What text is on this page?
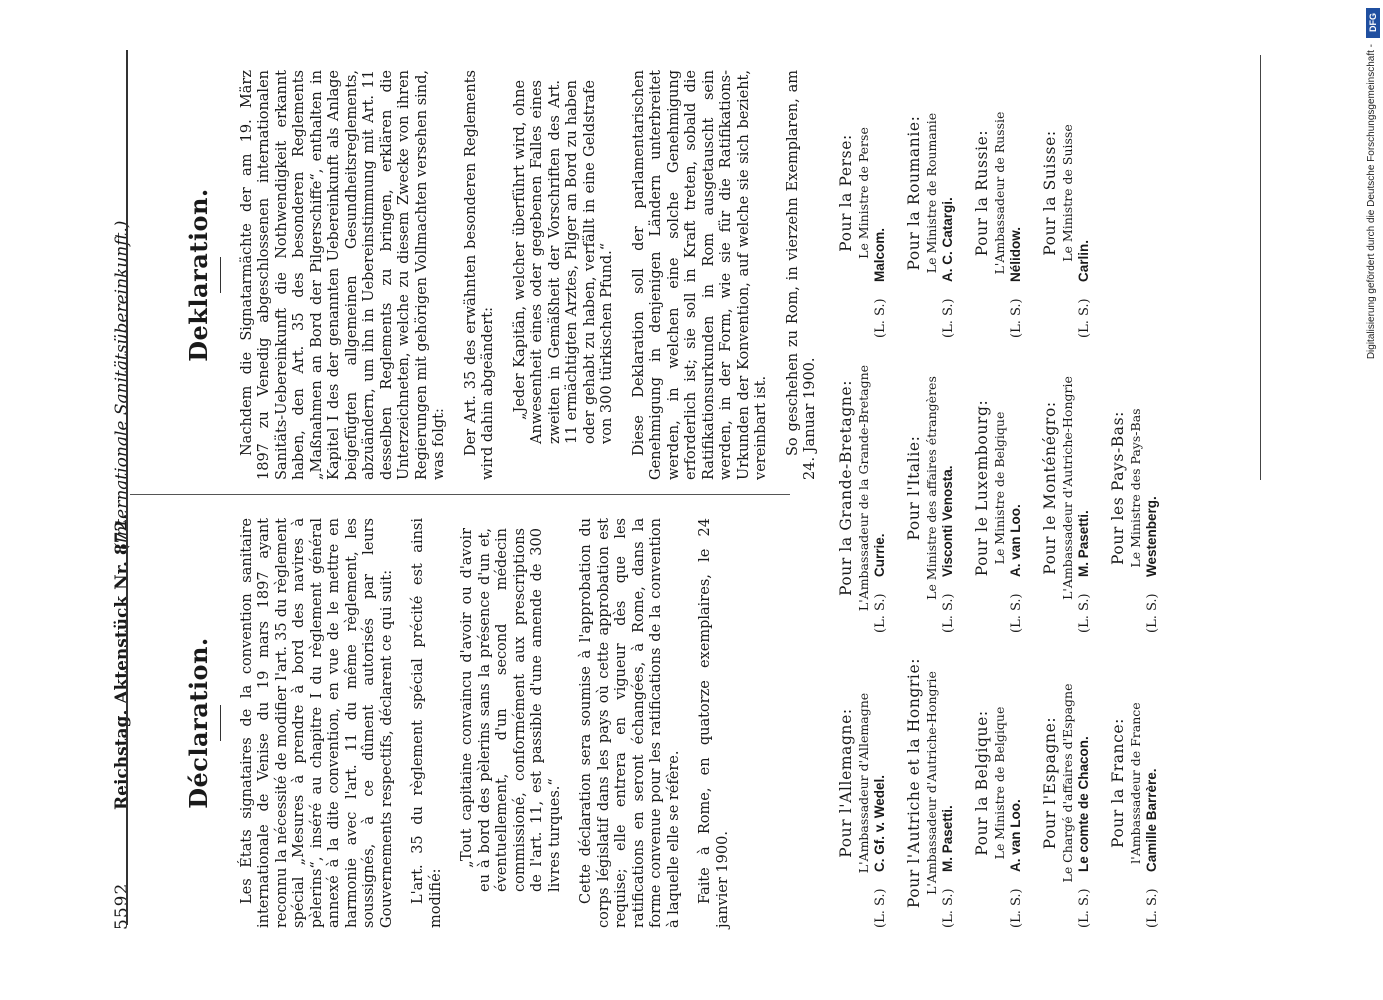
5592
Reichstag. Aktenstück Nr. 872.
(Internationale Sanitätsübereinkunft.)
Déclaration. Les États signataires de la convention sanitaire internationale de Venise du 19 mars 1897 ayant reconnu la nécessité de modifier l'art. 35 du règlement spécial „Mesures à prendre à bord des navires à pèlerins“, inséré au chapitre I du règlement général annexé à la dite convention, en vue de le mettre en harmonie avec l'art. 11 du même règlement, les soussignés, à ce dûment autorisés par leurs Gouvernements respectifs, déclarent ce qui suit: L'art. 35 du règlement spécial précité est ainsi modifié:

„Tout capitaine convaincu d'avoir ou d'avoir eu à bord des pèlerins sans la présence d'un et, éventuellement, d'un second médecin commissioné, conformément aux prescriptions de l'art. 11, est passible d'une amende de 300 livres turques.“ Cette déclaration sera soumise à l'approbation du corps législatif dans les pays où cette approbation est requise; elle entrera en vigueur dès que les ratifications en seront échangées, à Rome, dans la forme convenue pour les ratifications de la convention à laquelle elle se réfère. Faite à Rome, en quatorze exemplaires, le 24 janvier 1900.

Deklaration. Nachdem die Signatarmächte der am 19. März 1897 zu Venedig abgeschlossenen internationalen Sanitäts-Uebereinkunft die Nothwendigkeit erkannt haben, den Art. 35 des besonderen Reglements „Maßnahmen an Bord der Pilgerschiffe“, enthalten in Kapitel I des der genannten Uebereinkunft als Anlage beigefügten allgemeinen Gesundheitsreglements, abzuändern, um ihn in Uebereinstimmung mit Art. 11 desselben Reglements zu bringen, erklären die Unterzeichneten, welche zu diesem Zwecke von ihren Regierungen mit gehörigen Vollmachten versehen sind, was folgt: Der Art. 35 des erwähnten besonderen Reglements wird dahin abgeändert: „Jeder Kapitän, welcher überführt wird, ohne Anwesenheit eines oder gegebenen Falles eines zweiten in Gemäßheit der Vorschriften des Art. 11 ermächtigten Arztes, Pilger an Bord zu haben oder gehabt zu haben, verfällt in eine Geldstrafe von 300 türkischen Pfund.“ Diese Deklaration soll der parlamentarischen Genehmigung in denjenigen Ländern unterbreitet werden, in welchen eine solche Genehmigung erforderlich ist; sie soll in Kraft treten, sobald die Ratifikationsurkunden in Rom ausgetauscht sein werden, in der Form, wie sie für die Ratifikations-Urkunden der Konvention, auf welche sie sich bezieht, vereinbart ist. So geschehen zu Rom, in vierzehn Exemplaren, am 24. Januar 1900.

Pour l'Allemagne: L'Ambassadeur d'Allemagne
(L. S.)
C. Gf. v. Wedel. Pour l'Autriche et la Hongrie: L'Ambassadeur d'Autriche-Hongrie
(L. S.)
M. Pasetti. Pour la Belgique: Le Ministre de Belgique
(L. S.)
A. van Loo. Pour l'Espagne: Le Chargé d'affaires d'Espagne
(L. S.)
Le comte de Chacon. Pour la France: l'Ambassadeur de France
(L. S.)
Camille Barrère.
Pour la Grande-Bretagne: L'Ambassadeur de la Grande-Bretagne
(L. S.)
Currie.
Pour l'Italie: Le Ministre des affaires étrangères
(L. S.)
Visconti Venosta. Pour le Luxembourg: Le Ministre de Belgique
(L. S.)
A. van Loo. Pour le Monténégro: L'Ambassadeur d'Autriche-Hongrie
(L. S.)
M. Pasetti. Pour les Pays-Bas: Le Ministre des Pays-Bas
(L. S.)
Westenberg.
Pour la Perse: Le Ministre de Perse
(L. S.)
Malcom. Pour la Roumanie: Le Ministre de Roumanie
(L. S.)
A. C. Catargi. Pour la Russie: L'Ambassadeur de Russie
(L. S.)
Nélidow. Pour la Suisse: Le Ministre de Suisse
(L. S.)
Carlin.
DFG
Digitalisierung gefördert durch die Deutsche Forschungsgemeinschaft -
